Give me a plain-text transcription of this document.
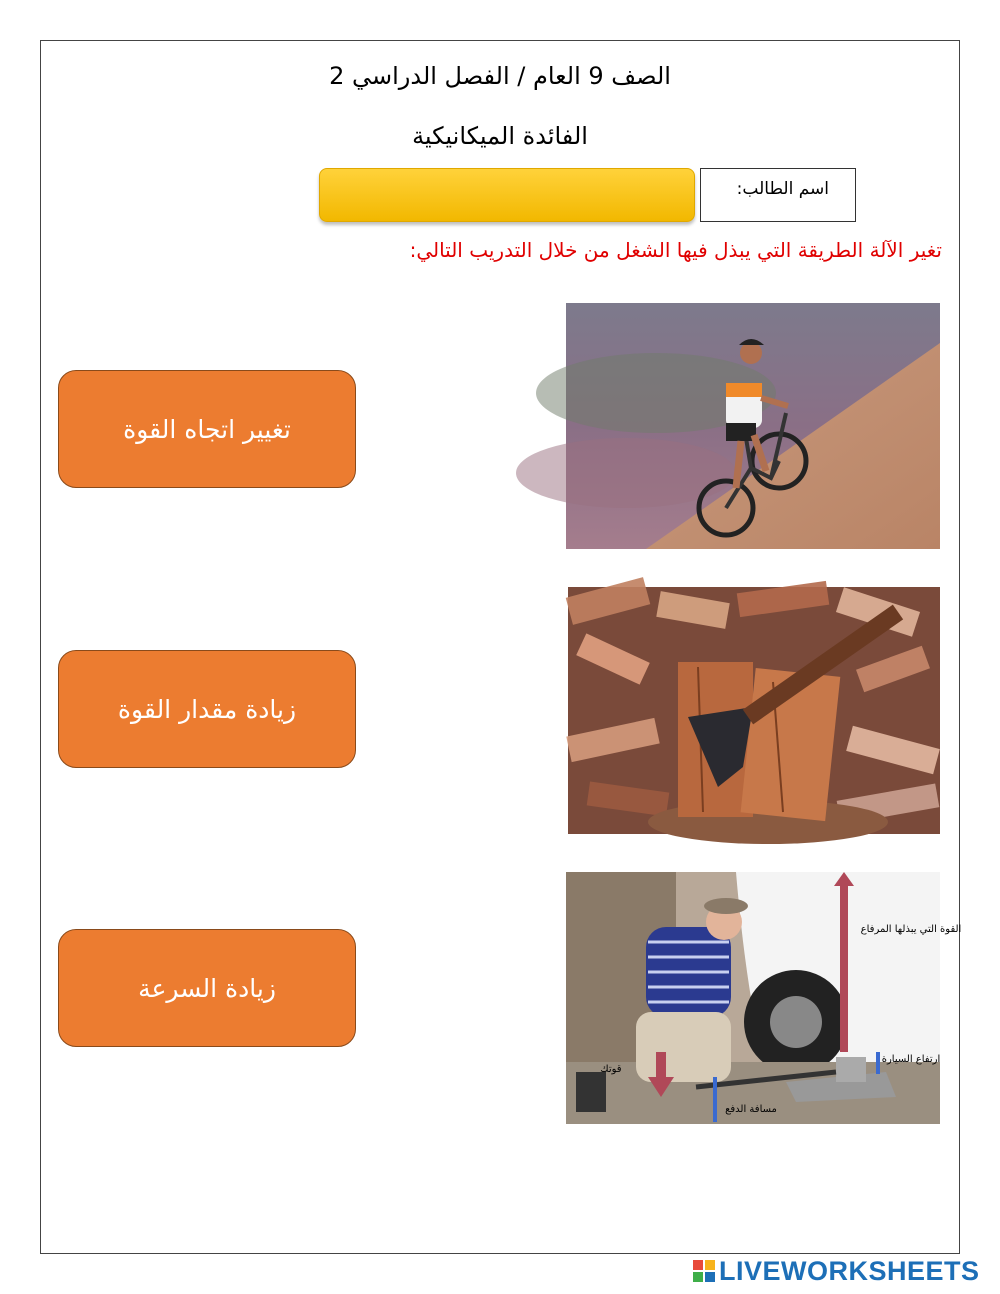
الصف 9 العام / الفصل الدراسي 2
الفائدة الميكانيكية
اسم الطالب:
تغير الآلة الطريقة التي يبذل فيها الشغل من خلال التدريب التالي:
تغيير اتجاه القوة
زيادة مقدار القوة
زيادة السرعة
القوة التي يبذلها المرفاع
ارتفاع السيارة
قوتك
مسافة الدفع
LIVEWORKSHEETS
